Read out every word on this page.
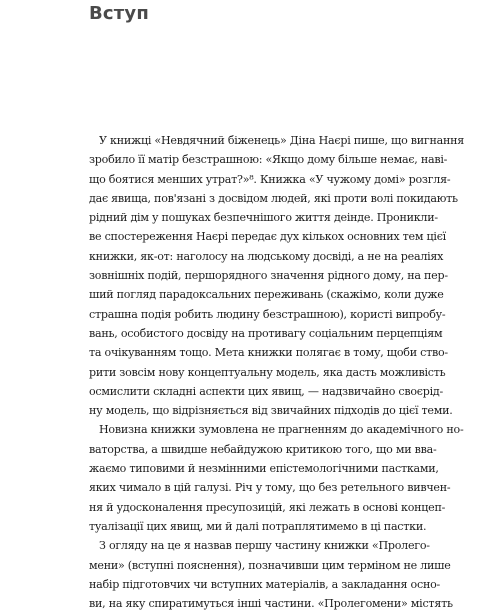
Вступ
У книжці «Невдячний біженець» Діна Наєрі пише, що вигнання
зробило її матір безстрашною: «Якщо дому більше немає, наві-
що боятися менших утрат?»⁸. Книжка «У чужому домі» розгля-
дає явища, пов'язані з досвідом людей, які проти волі покидають
рідний дім у пошуках безпечнішого життя деінде. Проникли-
ве спостереження Наєрі передає дух кількох основних тем цієї
книжки, як-от: наголосу на людському досвіді, а не на реаліях
зовнішніх подій, першорядного значення рідного дому, на пер-
ший погляд парадоксальних переживань (скажімо, коли дуже
страшна подія робить людину безстрашною), користі випробу-
вань, особистого досвіду на противагу соціальним перцепціям
та очікуванням тощо. Мета книжки полягає в тому, щоби ство-
рити зовсім нову концептуальну модель, яка дасть можливість
осмислити складні аспекти цих явищ, — надзвичайно своєрід-
ну модель, що відрізняється від звичайних підходів до цієї теми.
Новизна книжки зумовлена не прагненням до академічного но-
ваторства, а швидше небайдужою критикою того, що ми вва-
жаємо типовими й незмінними епістемологічними пастками,
яких чимало в цій галузі. Річ у тому, що без ретельного вивчен-
ня й удосконалення пресупозицій, які лежать в основі концеп-
туалізації цих явищ, ми й далі потраплятимемо в ці пастки.
З огляду на це я назвав першу частину книжки «Пролего-
мени» (вступні пояснення), позначивши цим терміном не лише
набір підготовчих чи вступних матеріалів, а закладання осно-
ви, на яку спиратимуться інші частини. «Пролегомени» містять
